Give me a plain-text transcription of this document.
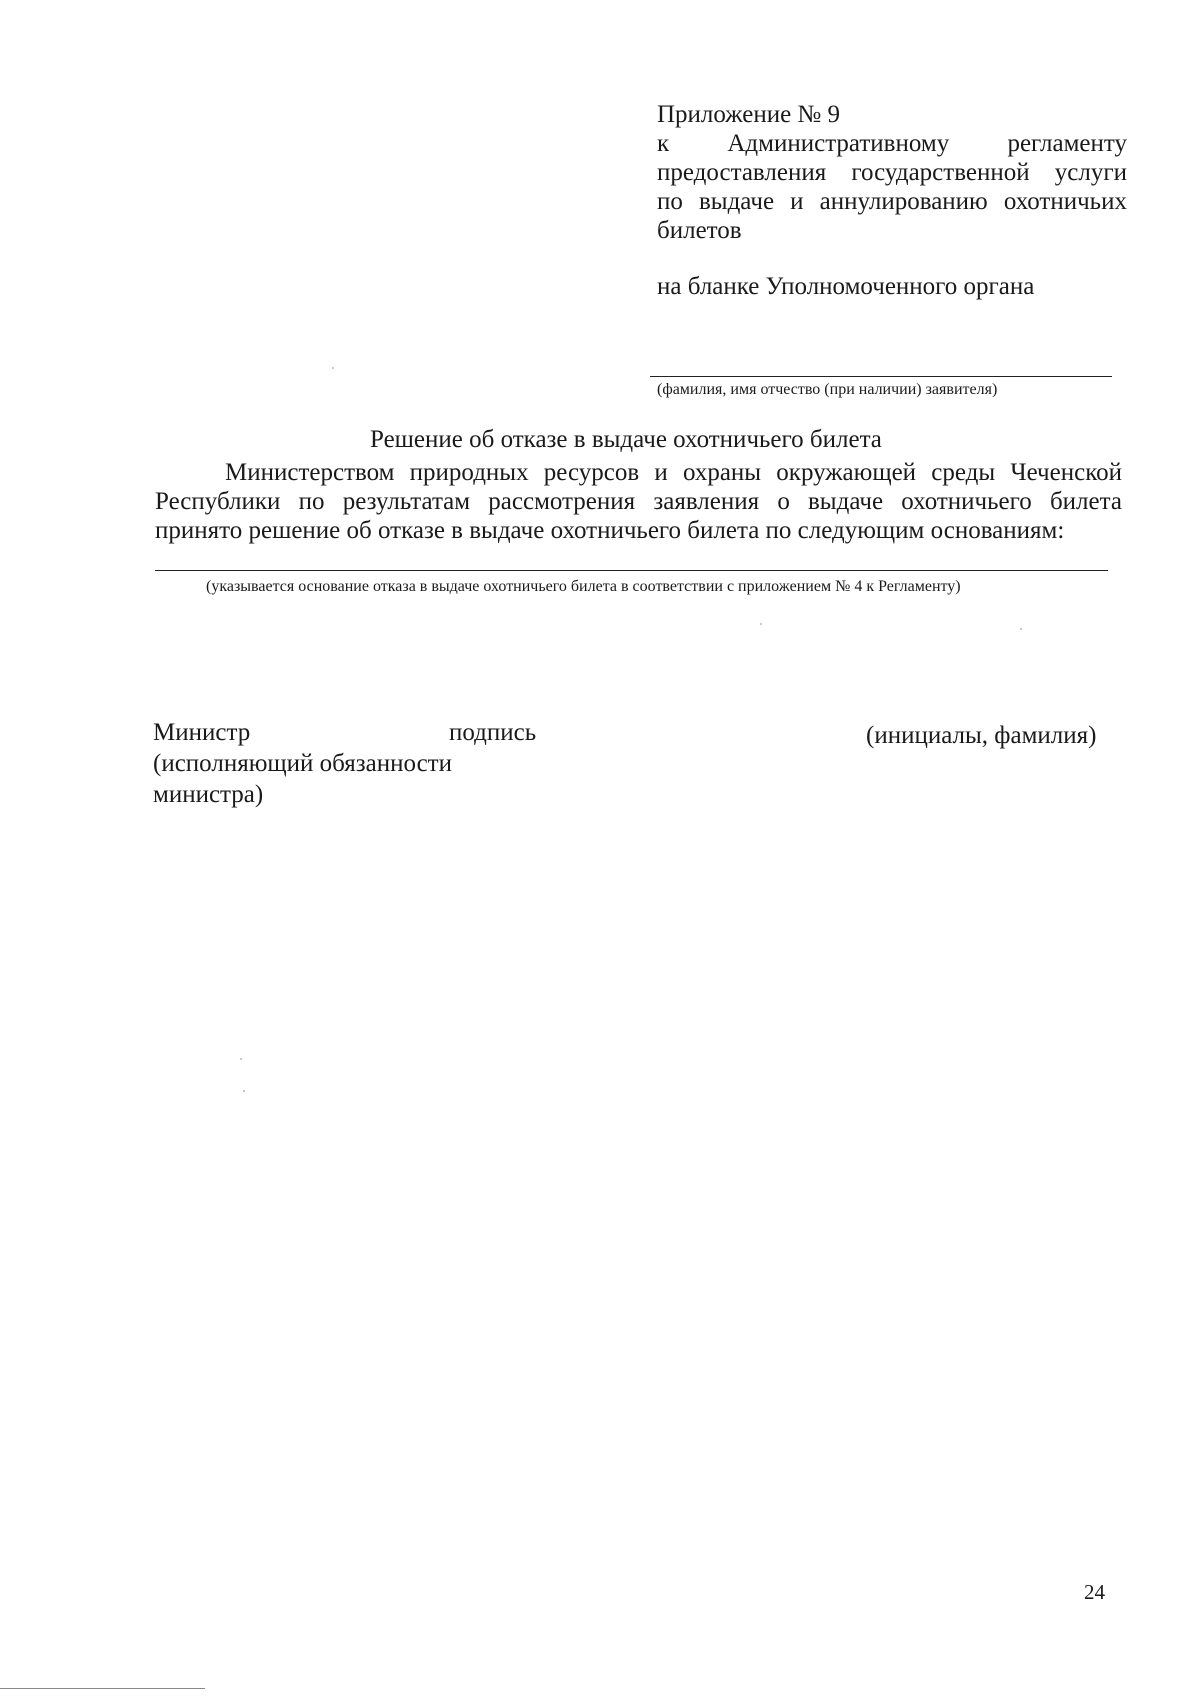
Приложение № 9
к Административному регламенту
предоставления государственной услуги
по выдаче и аннулированию охотничьих
билетов
на бланке Уполномоченного органа
(фамилия, имя отчество (при наличии) заявителя)
Решение об отказе в выдаче охотничьего билета
Министерством природных ресурсов и охраны окружающей среды Чеченской
Республики по результатам рассмотрения заявления о выдаче охотничьего билета
принято решение об отказе в выдаче охотничьего билета по следующим основаниям:
(указывается основание отказа в выдаче охотничьего билета в соответствии с приложением № 4 к Регламенту)
Министр
(исполняющий обязанности
министра)
подпись	(инициалы, фамилия)
24
